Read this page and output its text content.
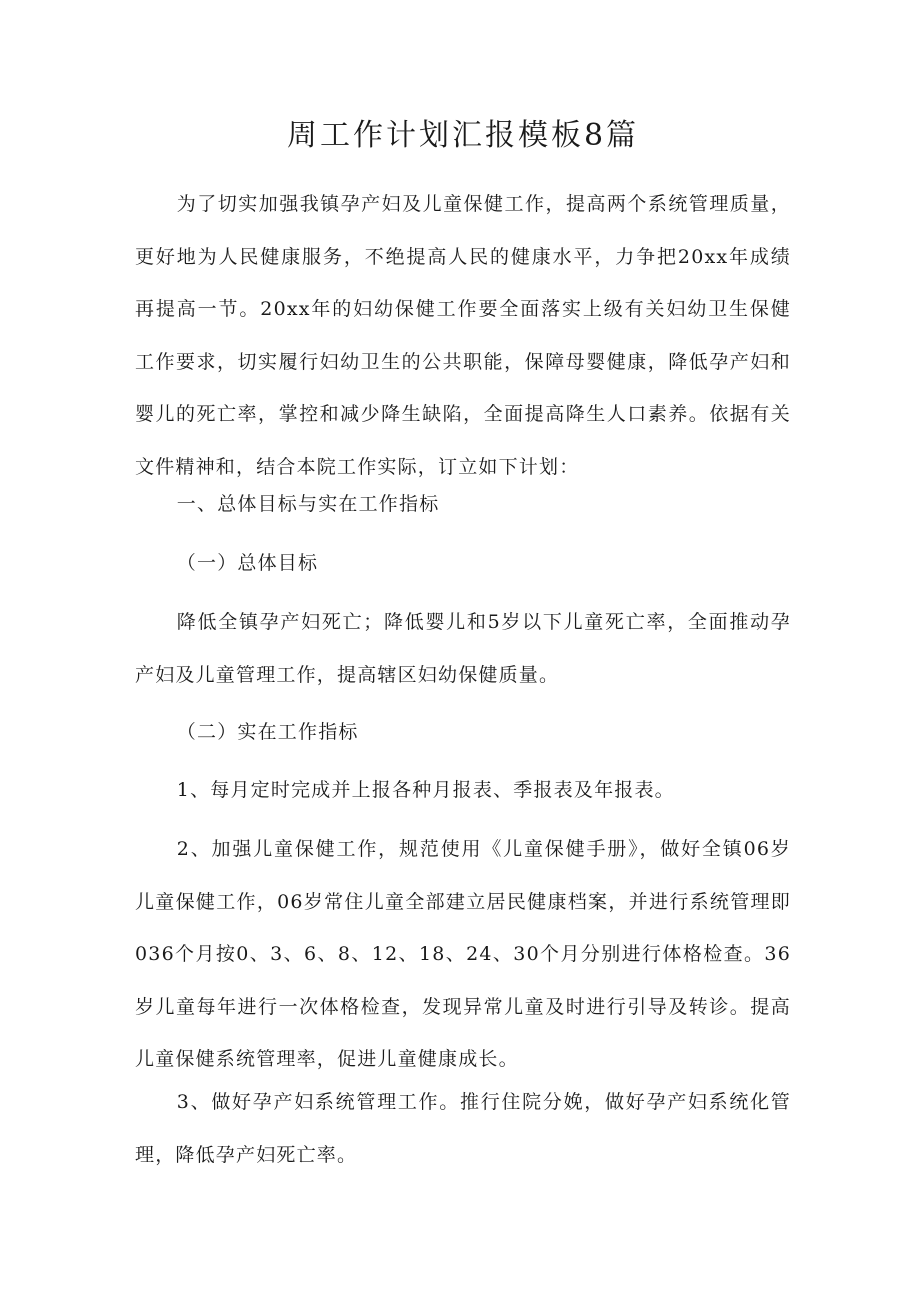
周工作计划汇报模板8篇

为了切实加强我镇孕产妇及儿童保健工作，提高两个系统管理质量，更好地为人民健康服务，不绝提高人民的健康水平，力争把20xx年成绩再提高一节。20xx年的妇幼保健工作要全面落实上级有关妇幼卫生保健工作要求，切实履行妇幼卫生的公共职能，保障母婴健康，降低孕产妇和婴儿的死亡率，掌控和减少降生缺陷，全面提高降生人口素养。依据有关文件精神和，结合本院工作实际，订立如下计划：

一、总体目标与实在工作指标

（一）总体目标

降低全镇孕产妇死亡；降低婴儿和5岁以下儿童死亡率，全面推动孕产妇及儿童管理工作，提高辖区妇幼保健质量。

（二）实在工作指标

1、每月定时完成并上报各种月报表、季报表及年报表。

2、加强儿童保健工作，规范使用《儿童保健手册》，做好全镇06岁儿童保健工作，06岁常住儿童全部建立居民健康档案，并进行系统管理即036个月按0、3、6、8、12、18、24、30个月分别进行体格检查。36岁儿童每年进行一次体格检查，发现异常儿童及时进行引导及转诊。提高儿童保健系统管理率，促进儿童健康成长。

3、做好孕产妇系统管理工作。推行住院分娩，做好孕产妇系统化管理，降低孕产妇死亡率。
